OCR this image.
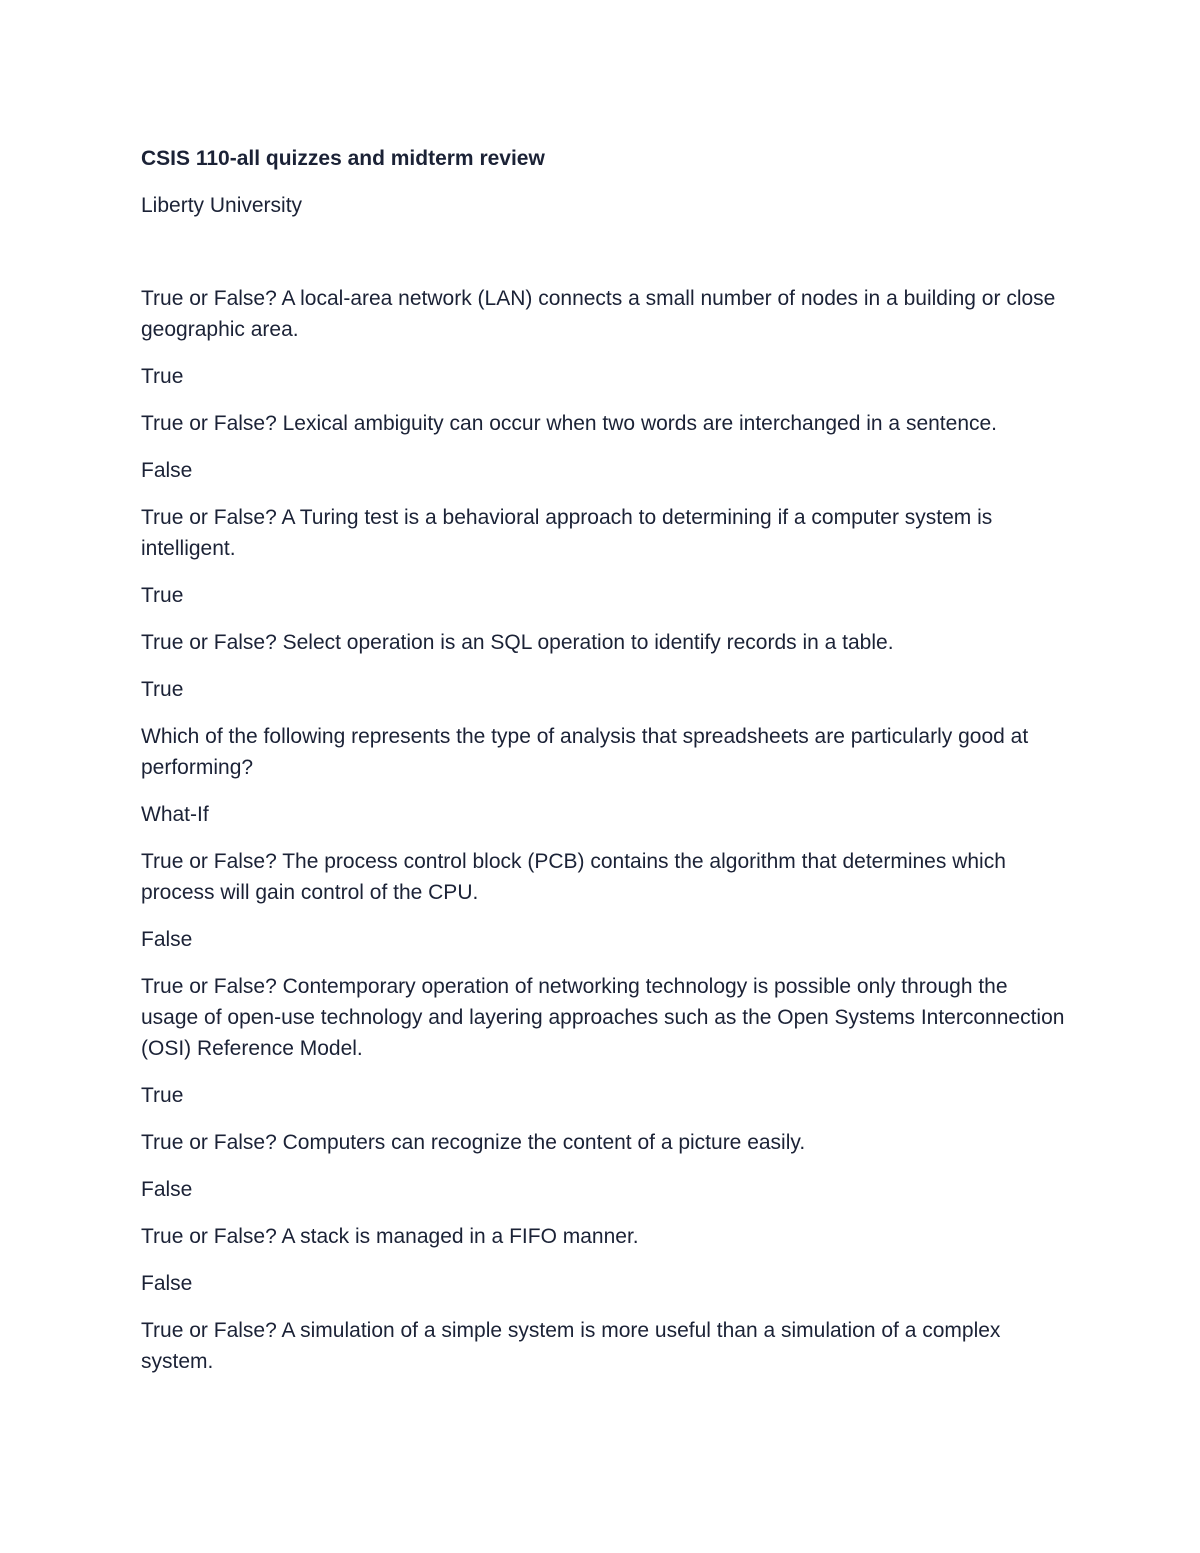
CSIS 110-all quizzes and midterm review

Liberty University

True or False? A local-area network (LAN) connects a small number of nodes in a building or close geographic area.

True

True or False? Lexical ambiguity can occur when two words are interchanged in a sentence.

False

True or False? A Turing test is a behavioral approach to determining if a computer system is intelligent.

True

True or False? Select operation is an SQL operation to identify records in a table.

True

Which of the following represents the type of analysis that spreadsheets are particularly good at performing?

What-If

True or False? The process control block (PCB) contains the algorithm that determines which process will gain control of the CPU.

False

True or False? Contemporary operation of networking technology is possible only through the usage of open-use technology and layering approaches such as the Open Systems Interconnection (OSI) Reference Model.

True

True or False? Computers can recognize the content of a picture easily.

False

True or False? A stack is managed in a FIFO manner.

False

True or False? A simulation of a simple system is more useful than a simulation of a complex system.
